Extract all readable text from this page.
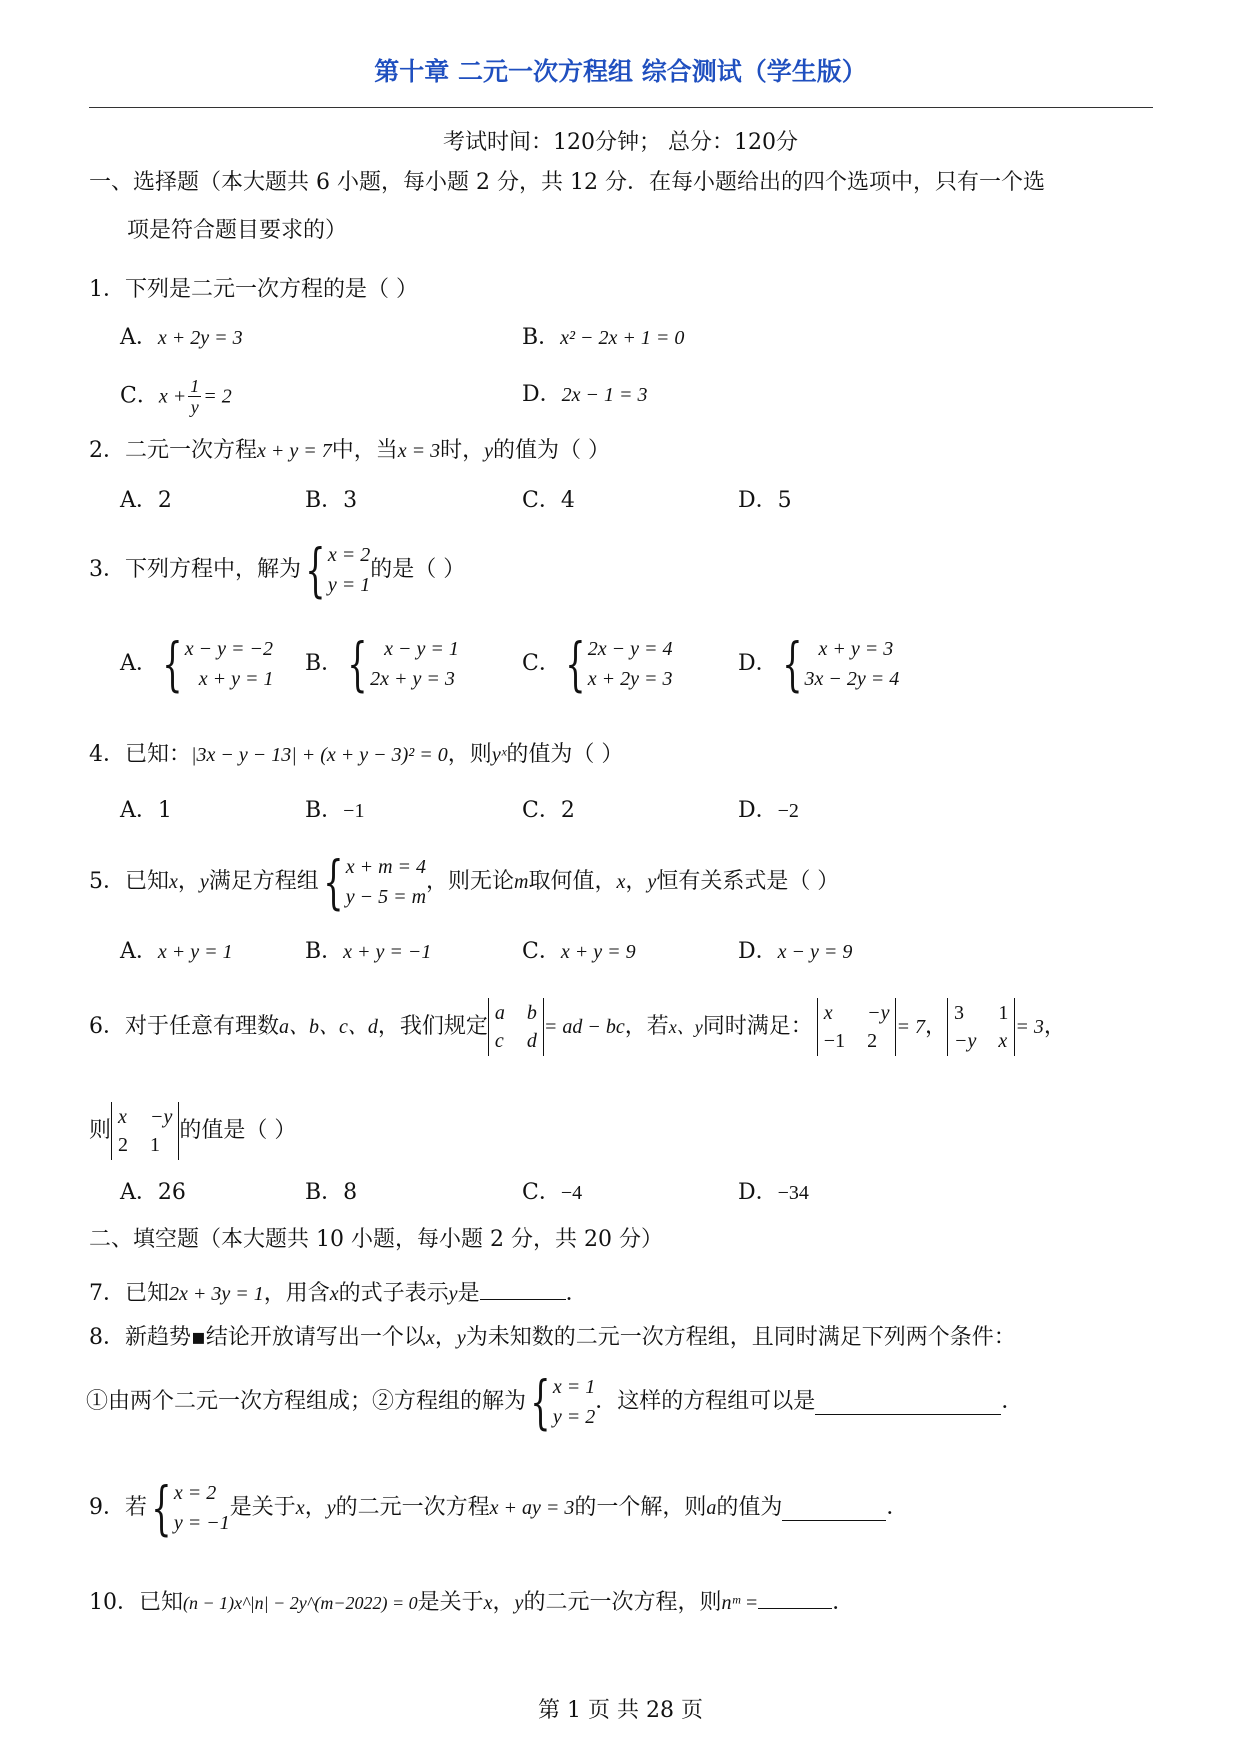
第十章 二元一次方程组 综合测试（学生版）
考试时间：120分钟； 总分：120分
一、选择题（本大题共 6 小题，每小题 2 分，共 12 分．在每小题给出的四个选项中，只有一个选
项是符合题目要求的）
1．下列是二元一次方程的是（ ）
A．x + 2y = 3	B．x² − 2x + 1 = 0
C．$x + \frac{1}{y} = 2$	D．2x − 1 = 3
2．二元一次方程x + y = 7中，当x = 3时，y的值为（ ）
A．2	B．3	C．4	D．5
3．下列方程中，解为 { x = 2
y = 1
的是（ ）
A． { x − y = −2
x + y = 1
B． { x − y = 1
2x + y = 3
C． { 2x − y = 4
x + 2y = 3
D． { x + y = 3
3x − 2y = 4
4．已知：|3x − y − 13| + (x + y − 3)² = 0，则yˣ的值为（ ）
A．1	B．−1	C．2	D．−2
5．已知 x ， y 满足方程组 { x + m = 4
y − 5 = m
，则无论 m 取何值， x ， y 恒有关系式是（ ）
A．x + y = 1	B．x + y = −1	C．x + y = 9	D．x − y = 9
6．对于任意有理数 a、b、c、d ，我们规定
a b
c d
= ad − bc ，若 x、y 同时满足：
x	−y
−1 2
= 7 ，
3	1
−y x
= 3 ，
则
x −y
2 1
的值是（ ）
A．26	B．8	C．−4	D．−34
二、填空题（本大题共 10 小题，每小题 2 分，共 20 分）
7．已知2x + 3y = 1，用含x的式子表示y是	．
8．新趋势▪结论开放请写出一个以x，y为未知数的二元一次方程组，且同时满足下列两个条件：
①由两个二元一次方程组成；②方程组的解为 { x = 1
y = 2
．这样的方程组可以是	．
9．若 { x = 2
y = −1
是关于 x ， y 的二元一次方程 x + ay = 3 的一个解，则 a 的值为	．
10．已知(n − 1)x^|n| − 2y^(m−2022) = 0是关于x，y的二元一次方程，则nᵐ =	．
第 1 页 共 28 页
